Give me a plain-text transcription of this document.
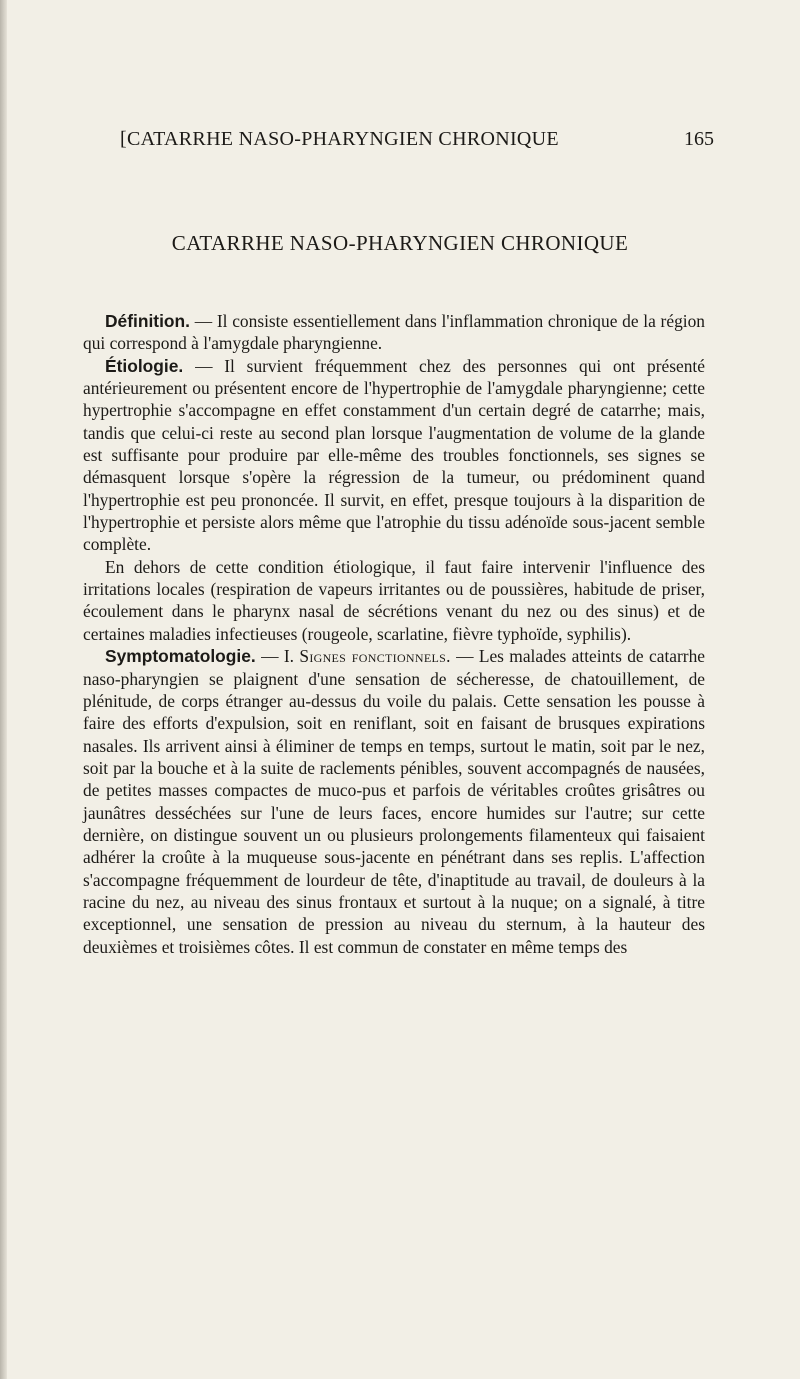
[CATARRHE NASO-PHARYNGIEN CHRONIQUE	165
CATARRHE NASO-PHARYNGIEN CHRONIQUE

Définition. — Il consiste essentiellement dans l'inflammation chronique de la région qui correspond à l'amygdale pharyngienne.

Étiologie. — Il survient fréquemment chez des personnes qui ont présenté antérieurement ou présentent encore de l'hypertrophie de l'amygdale pharyngienne; cette hypertrophie s'accompagne en effet constamment d'un certain degré de catarrhe; mais, tandis que celui-ci reste au second plan lorsque l'augmentation de volume de la glande est suffisante pour produire par elle-même des troubles fonctionnels, ses signes se démasquent lorsque s'opère la régression de la tumeur, ou prédominent quand l'hypertrophie est peu prononcée. Il survit, en effet, presque toujours à la disparition de l'hypertrophie et persiste alors même que l'atrophie du tissu adénoïde sous-jacent semble complète.

En dehors de cette condition étiologique, il faut faire intervenir l'influence des irritations locales (respiration de vapeurs irritantes ou de poussières, habitude de priser, écoulement dans le pharynx nasal de sécrétions venant du nez ou des sinus) et de certaines maladies infectieuses (rougeole, scarlatine, fièvre typhoïde, syphilis).

Symptomatologie. — I. Signes fonctionnels. — Les malades atteints de catarrhe naso-pharyngien se plaignent d'une sensation de sécheresse, de chatouillement, de plénitude, de corps étranger au-dessus du voile du palais. Cette sensation les pousse à faire des efforts d'expulsion, soit en reniflant, soit en faisant de brusques expirations nasales. Ils arrivent ainsi à éliminer de temps en temps, surtout le matin, soit par le nez, soit par la bouche et à la suite de raclements pénibles, souvent accompagnés de nausées, de petites masses compactes de muco-pus et parfois de véritables croûtes grisâtres ou jaunâtres desséchées sur l'une de leurs faces, encore humides sur l'autre; sur cette dernière, on distingue souvent un ou plusieurs prolongements filamenteux qui faisaient adhérer la croûte à la muqueuse sous-jacente en pénétrant dans ses replis. L'affection s'accompagne fréquemment de lourdeur de tête, d'inaptitude au travail, de douleurs à la racine du nez, au niveau des sinus frontaux et surtout à la nuque; on a signalé, à titre exceptionnel, une sensation de pression au niveau du sternum, à la hauteur des deuxièmes et troisièmes côtes. Il est commun de constater en même temps des
